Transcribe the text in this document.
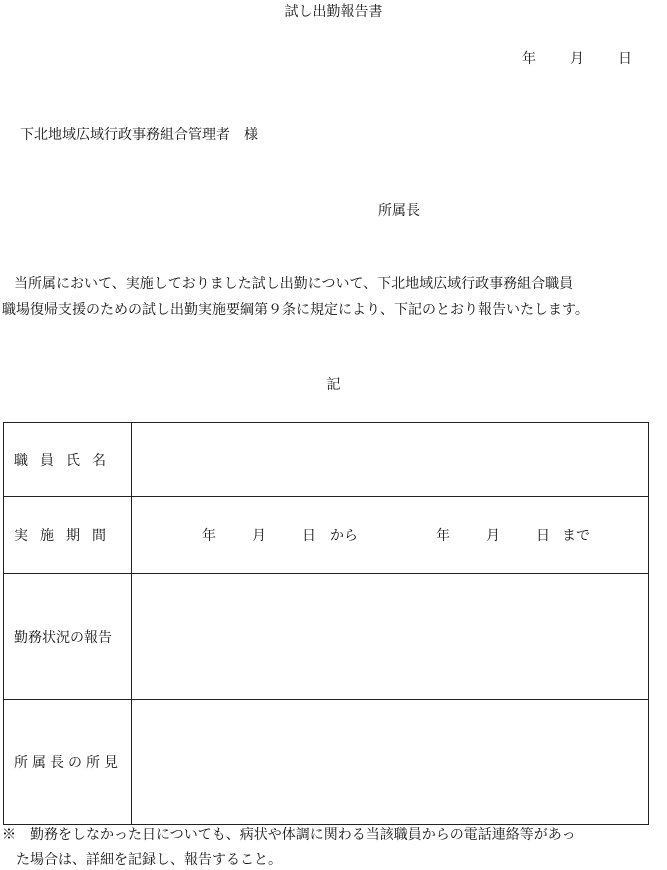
試し出勤報告書
年 月 日
下北地域広域行政事務組合管理者　様
所属長
当所属において、実施しておりました試し出勤について、下北地域広域行政事務組合職員
職場復帰支援のための試し出勤実施要綱第９条に規定により、下記のとおり報告いたします。
記
職員氏名	
実施期間	年 月 日 から 年 月 日 まで

勤務状況の報告	
所属長の所見	
※　勤務をしなかった日についても、病状や体調に関わる当該職員からの電話連絡等があっ
た場合は、詳細を記録し、報告すること。
